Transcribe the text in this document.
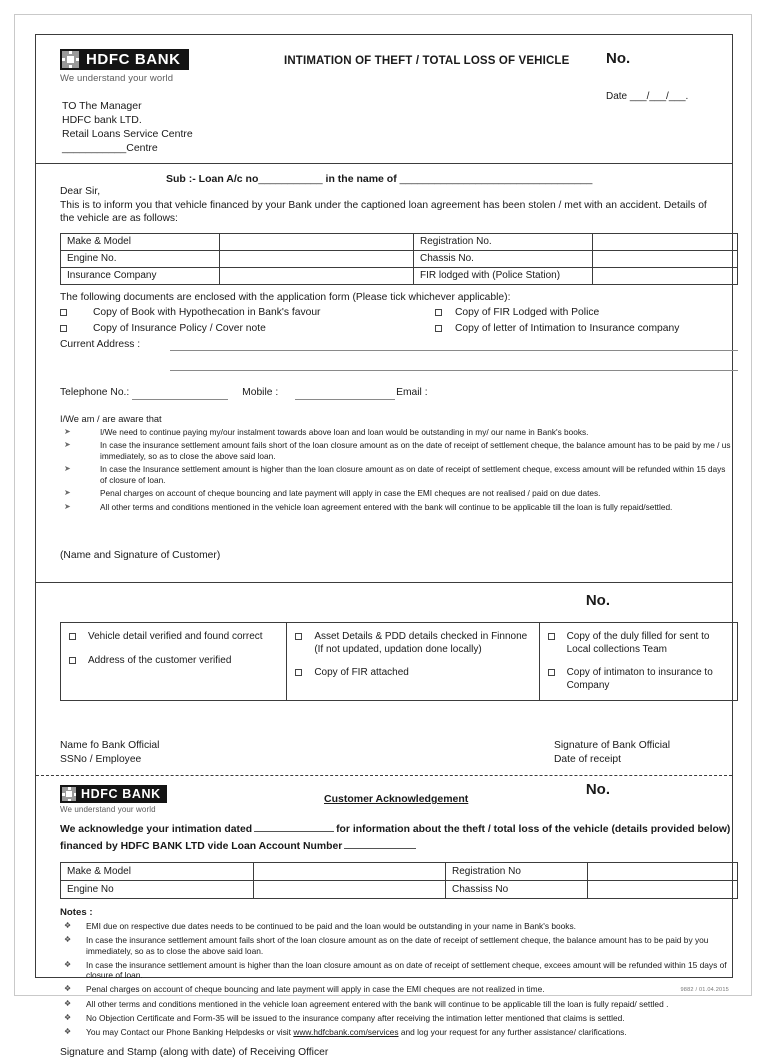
HDFC BANK
We understand your world
INTIMATION OF THEFT / TOTAL LOSS OF VEHICLE No.
Date ___/___/___.
TO The Manager
HDFC bank LTD.
Retail Loans Service Centre
___________Centre
Sub :- Loan A/c no___________ in the name of _________________________________
Dear Sir,
This is to inform you that vehicle financed by your Bank under the captioned loan agreement has been stolen / met with an accident. Details of the vehicle are as follows:
Make & Model		Registration No.	
Engine No.		Chassis No.	
Insurance Company		FIR lodged with (Police Station)	
The following documents are enclosed with the application form (Please tick whichever applicable):
Copy of Book with Hypothecation in Bank's favour	Copy of FIR Lodged with Police
Copy of Insurance Policy / Cover note	Copy of letter of Intimation to Insurance company
Current Address :
Telephone No.:	Mobile :	Email :
I/We am / are aware that
➤	I/We need to continue paying my/our instalment towards above loan and loan would be outstanding in my/ our name in Bank's books.
➤	In case the insurance settlement amount fails short of the loan closure amount as on the date of receipt of settlement cheque, the balance amount has to be paid by me / us immediately, so as to close the above said loan.
➤	In case the Insurance settlement amount is higher than the loan closure amount as on date of receipt of settlement cheque, excess amount will be refunded within 15 days of closure of loan.
➤	Penal charges on account of cheque bouncing and late payment will apply in case the EMI cheques are not realised / paid on due dates.
➤	All other terms and conditions mentioned in the vehicle loan agreement entered with the bank will continue to be applicable till the loan is fully repaid/settled.
(Name and Signature of Customer)
No.
Vehicle detail verified and found correct
Address of the customer verified
Asset Details & PDD details checked in Finnone (If not updated, updation done locally)
Copy of FIR attached
Copy of the duly filled for sent to Local collections Team
Copy of intimaton to insurance to Company
Name fo Bank Official
SSNo / Employee
Signature of Bank Official
Date of receipt
HDFC BANK
We understand your world
Customer Acknowledgement
No.
We acknowledge your intimation dated	for information about the theft / total loss of the vehicle (details provided below) financed by HDFC BANK LTD vide Loan Account Number
Make & Model		Registration No	
Engine No		Chassiss No	
Notes :
❖	EMI due on respective due dates needs to be continued to be paid and the loan would be outstanding in your name in Bank's books.
❖	In case the insurance settlement amount fails short of the loan closure amount as on the date of receipt of settlement cheque, the balance amount has to be paid by you immediately, so as to close the above said loan.
❖	In case the insurance settlement amount is higher than the loan closure amount as on date of receipt of settlement cheque, excees amount will be refunded within 15 days of closure of loan.
❖	Penal charges on account of cheque bouncing and late payment will apply in case the EMI cheques are not realized in time.
❖	All other terms and conditions mentioned in the vehicle loan agreement entered with the bank will continue to be applicable till the loan is fully repaid/ settled .
❖	No Objection Certificate and Form-35 will be issued to the insurance company after receiving the intimation letter mentioned that claims is settled.
❖	You may Contact our Phone Banking Helpdesks or visit www.hdfcbank.com/services and log your request for any further assistance/ clarifications.
Signature and Stamp (along with date) of Receiving Officer
9882 / 01.04.2015
